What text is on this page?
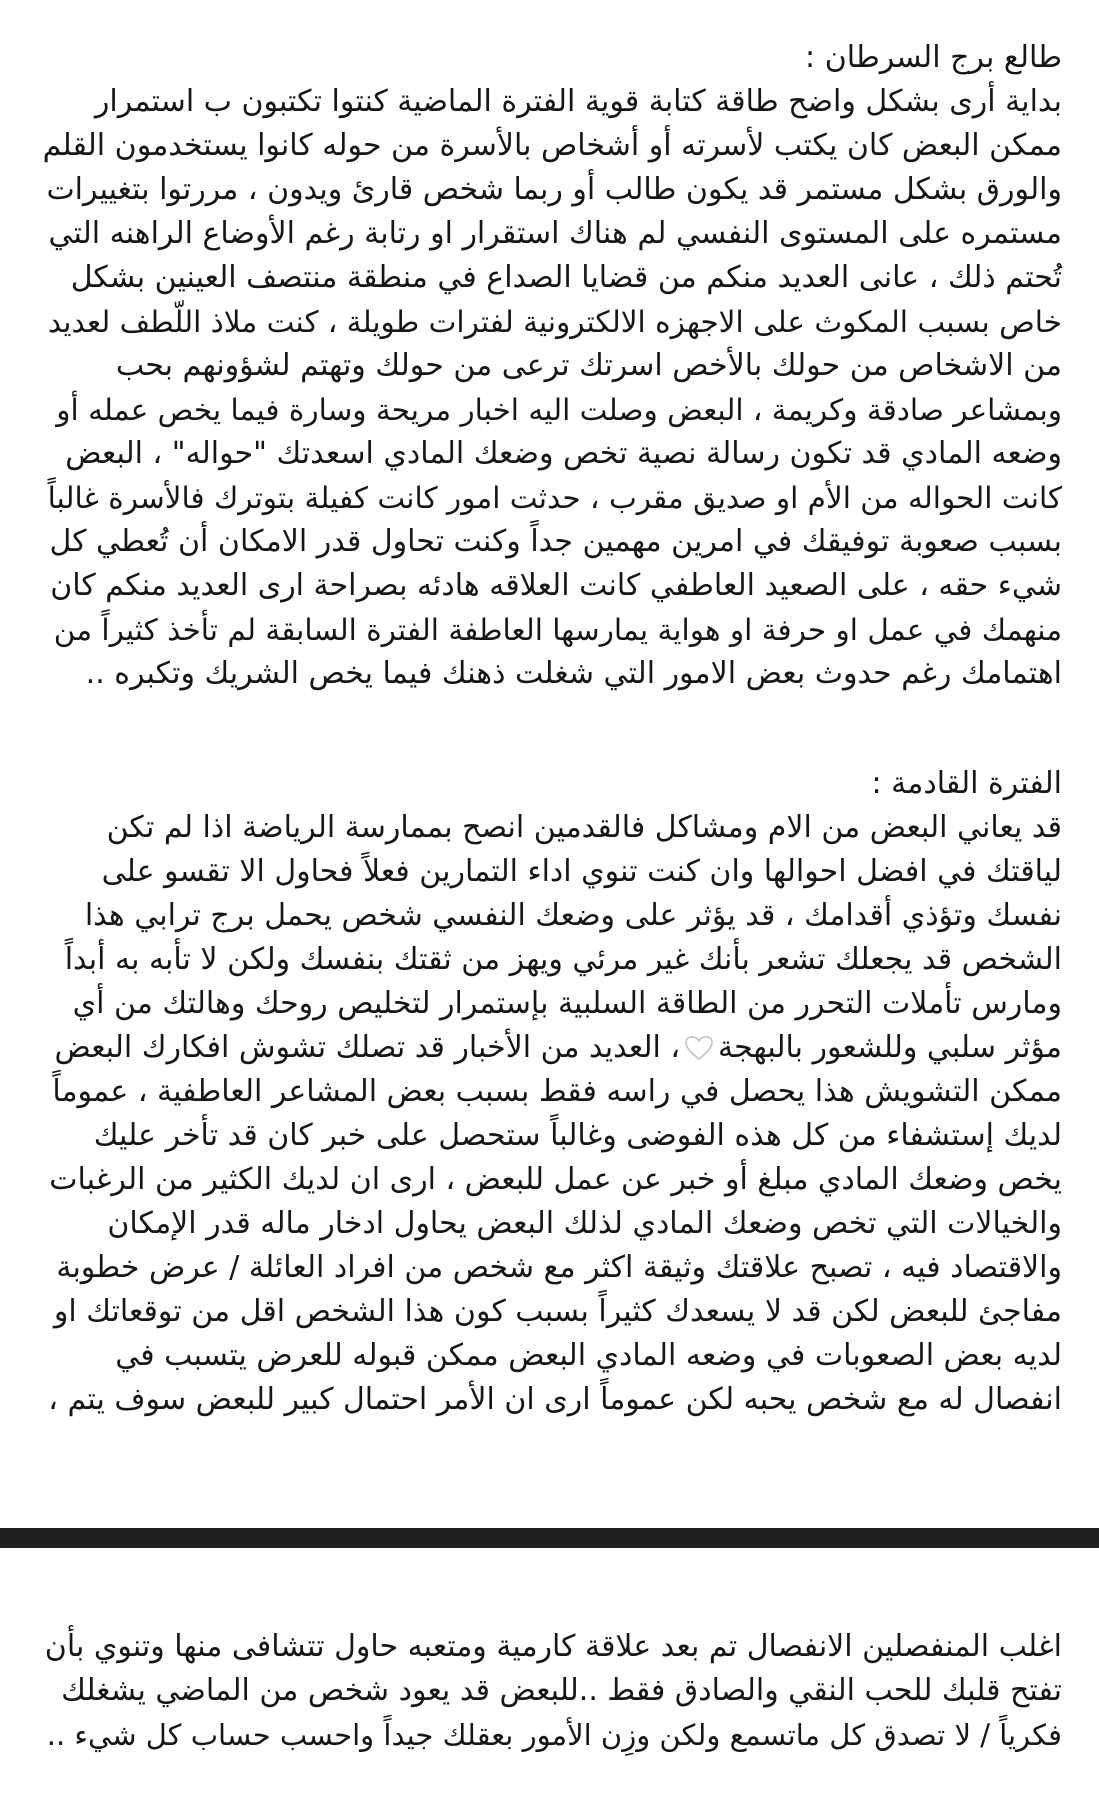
طالع برج السرطان :
بداية أرى بشكل واضح طاقة كتابة قوية الفترة الماضية كنتوا تكتبون ب استمرار
ممكن البعض كان يكتب لأسرته أو أشخاص بالأسرة من حوله كانوا يستخدمون القلم
والورق بشكل مستمر قد يكون طالب أو ربما شخص قارئ ويدون ، مررتوا بتغييرات
مستمره على المستوى النفسي لم هناك استقرار او رتابة رغم الأوضاع الراهنه التي
تُحتم ذلك ، عانى العديد منكم من قضايا الصداع في منطقة منتصف العينين بشكل
خاص بسبب المكوث على الاجهزه الالكترونية لفترات طويلة ، كنت ملاذ اللّطف لعديد
من الاشخاص من حولك بالأخص اسرتك ترعى من حولك وتهتم لشؤونهم بحب
وبمشاعر صادقة وكريمة ، البعض وصلت اليه اخبار مريحة وسارة فيما يخص عمله أو
وضعه المادي قد تكون رسالة نصية تخص وضعك المادي اسعدتك "حواله" ، البعض
كانت الحواله من الأم او صديق مقرب ، حدثت امور كانت كفيلة بتوترك فالأسرة غالباً
بسبب صعوبة توفيقك في امرين مهمين جداً وكنت تحاول قدر الامكان أن تُعطي كل
شيء حقه ، على الصعيد العاطفي كانت العلاقه هادئه بصراحة ارى العديد منكم كان
منهمك في عمل او حرفة او هواية يمارسها العاطفة الفترة السابقة لم تأخذ كثيراً من
اهتمامك رغم حدوث بعض الامور التي شغلت ذهنك فيما يخص الشريك وتكبره ..
الفترة القادمة :
قد يعاني البعض من الام ومشاكل فالقدمين انصح بممارسة الرياضة اذا لم تكن
لياقتك في افضل احوالها وان كنت تنوي اداء التمارين فعلاً فحاول الا تقسو على
نفسك وتؤذي أقدامك ، قد يؤثر على وضعك النفسي شخص يحمل برج ترابي هذا
الشخص قد يجعلك تشعر بأنك غير مرئي ويهز من ثقتك بنفسك ولكن لا تأبه به أبداً
ومارس تأملات التحرر من الطاقة السلبية بإستمرار لتخليص روحك وهالتك من أي
مؤثر سلبي وللشعور بالبهجة، العديد من الأخبار قد تصلك تشوش افكارك البعض
ممكن التشويش هذا يحصل في راسه فقط بسبب بعض المشاعر العاطفية ، عموماً
لديك إستشفاء من كل هذه الفوضى وغالباً ستحصل على خبر كان قد تأخر عليك
يخص وضعك المادي مبلغ أو خبر عن عمل للبعض ، ارى ان لديك الكثير من الرغبات
والخيالات التي تخص وضعك المادي لذلك البعض يحاول ادخار ماله قدر الإمكان
والاقتصاد فيه ، تصبح علاقتك وثيقة اكثر مع شخص من افراد العائلة / عرض خطوبة
مفاجئ للبعض لكن قد لا يسعدك كثيراً بسبب كون هذا الشخص اقل من توقعاتك او
لديه بعض الصعوبات في وضعه المادي البعض ممكن قبوله للعرض يتسبب في
انفصال له مع شخص يحبه لكن عموماً ارى ان الأمر احتمال كبير للبعض سوف يتم ،
اغلب المنفصلين الانفصال تم بعد علاقة كارمية ومتعبه حاول تتشافى منها وتنوي بأن
تفتح قلبك للحب النقي والصادق فقط ..للبعض قد يعود شخص من الماضي يشغلك
فكرياً / لا تصدق كل ماتسمع ولكن وزِن الأمور بعقلك جيداً واحسب حساب كل شيء ..
